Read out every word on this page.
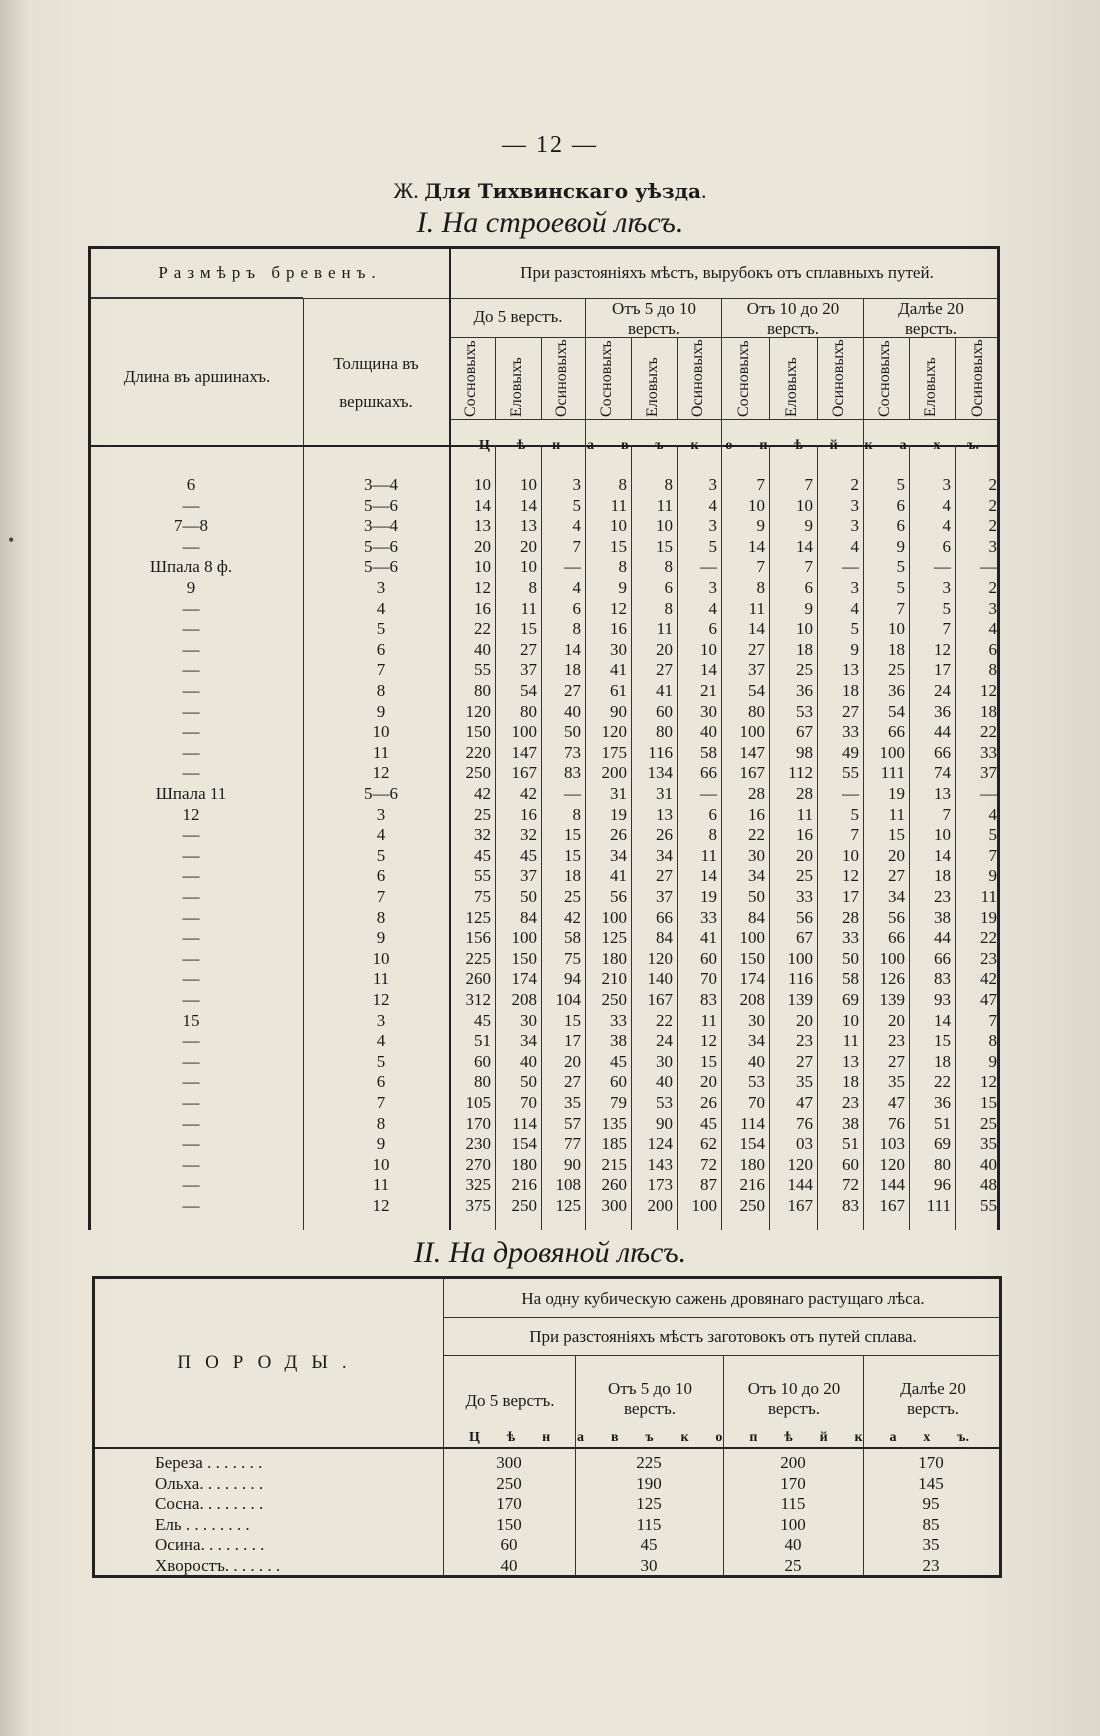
— 12 —
Ж. Для Тихвинскаго уѣзда.
I. На строевой лѣсъ.
Размѣръ бревенъ.
Длина въ аршинахъ.
Толщина въ вершкахъ.
При разстояніяхъ мѣстъ, вырубокъ отъ сплавныхъ путей.
До 5 верстъ.	Отъ 5 до 10 верстъ.
Отъ 10 до 20 верстъ.
Далѣе 20 верстъ.
Сосновыхъ Еловыхъ Осиновыхъ Сосновыхъ Еловыхъ Осиновыхъ Сосновыхъ Еловыхъ Осиновыхъ Сосновыхъ Еловыхъ Осиновыхъ
Ц ѣ н а в ъ к о п ѣ й к а х ъ.
6	3—4	10	10	3	8	8	3	7	7	2	5	3	2
—	5—6	14	14	5	11	11	4	10	10	3	6	4	2
7—8	3—4	13	13	4	10	10	3	9	9	3	6	4	2
—	5—6	20	20	7	15	15	5	14	14	4	9	6	3
Шпала 8 ф.	5—6	10	10	—	8	8	—	7	7	—	5	—	—
9	3	12	8	4	9	6	3	8	6	3	5	3	2
—	4	16	11	6	12	8	4	11	9	4	7	5	3
—	5	22	15	8	16	11	6	14	10	5	10	7	4
—	6	40	27	14	30	20	10	27	18	9	18	12	6
—	7	55	37	18	41	27	14	37	25	13	25	17	8
—	8	80	54	27	61	41	21	54	36	18	36	24	12
—	9	120	80	40	90	60	30	80	53	27	54	36	18
—	10	150	100	50	120	80	40	100	67	33	66	44	22
—	11	220	147	73	175	116	58	147	98	49	100	66	33
—	12	250	167	83	200	134	66	167	112	55	111	74	37
Шпала 11	5—6	42	42	—	31	31	—	28	28	—	19	13	—
12	3	25	16	8	19	13	6	16	11	5	11	7	4
—	4	32	32	15	26	26	8	22	16	7	15	10	5
—	5	45	45	15	34	34	11	30	20	10	20	14	7
—	6	55	37	18	41	27	14	34	25	12	27	18	9
—	7	75	50	25	56	37	19	50	33	17	34	23	11
—	8	125	84	42	100	66	33	84	56	28	56	38	19
—	9	156	100	58	125	84	41	100	67	33	66	44	22
—	10	225	150	75	180	120	60	150	100	50	100	66	23
—	11	260	174	94	210	140	70	174	116	58	126	83	42
—	12	312	208	104	250	167	83	208	139	69	139	93	47
15	3	45	30	15	33	22	11	30	20	10	20	14	7
—	4	51	34	17	38	24	12	34	23	11	23	15	8
—	5	60	40	20	45	30	15	40	27	13	27	18	9
—	6	80	50	27	60	40	20	53	35	18	35	22	12
—	7	105	70	35	79	53	26	70	47	23	47	36	15
—	8	170	114	57	135	90	45	114	76	38	76	51	25
—	9	230	154	77	185	124	62	154	03	51	103	69	35
—	10	270	180	90	215	143	72	180	120	60	120	80	40
—	11	325	216	108	260	173	87	216	144	72	144	96	48
—	12	375	250	125	300	200	100	250	167	83	167	111	55
II. На дровяной лѣсъ.
ПОРОДЫ.
На одну кубическую сажень дровянаго растущаго лѣса.
При разстояніяхъ мѣстъ заготовокъ отъ путей сплава.
До 5 верстъ.
Отъ 5 до 10 верстъ.
Отъ 10 до 20 верстъ.
Далѣе 20 верстъ.
Ц ѣ н а в ъ к о п ѣ й к а х ъ.
Береза . . . . . . .	300	225	200	170
Ольха. . . . . . . .	250	190	170	145
Сосна. . . . . . . .	170	125	115	95
Ель . . . . . . . .	150	115	100	85
Осина. . . . . . . .	60	45	40	35
Хворостъ. . . . . . .	40	30	25	23
•
